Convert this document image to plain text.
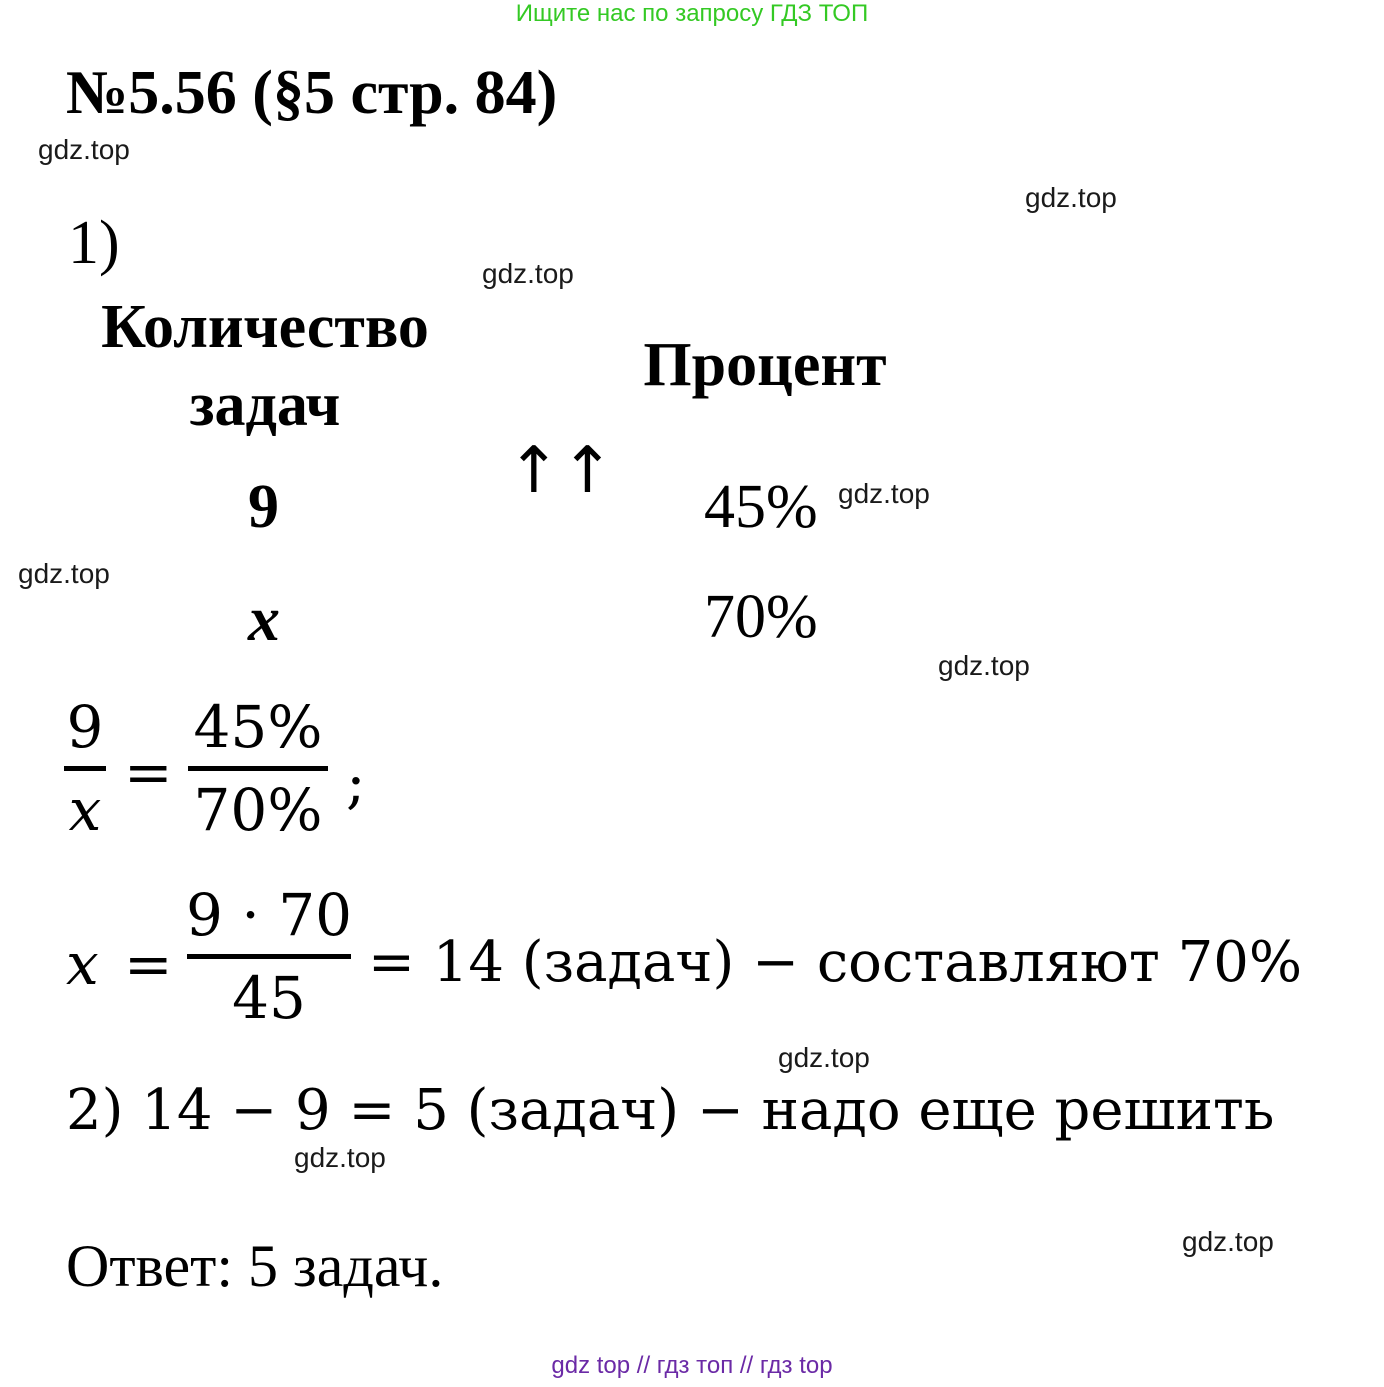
Ищите нас по запросу ГДЗ ТОП
№5.56 (§5 стр. 84)
gdz.top
gdz.top
gdz.top
gdz.top
gdz.top
gdz.top
gdz.top
gdz.top
gdz.top
1)
Количество задач
Процент
↑↑
9	45%
x	70%
9
x
=
45%
70% ;
x =
9 · 70
45
= 14 (задач) − составляют 70%
2) 14 − 9 = 5 (задач) − надо еще решить
Ответ: 5 задач.
gdz top // гдз топ // гдз top
